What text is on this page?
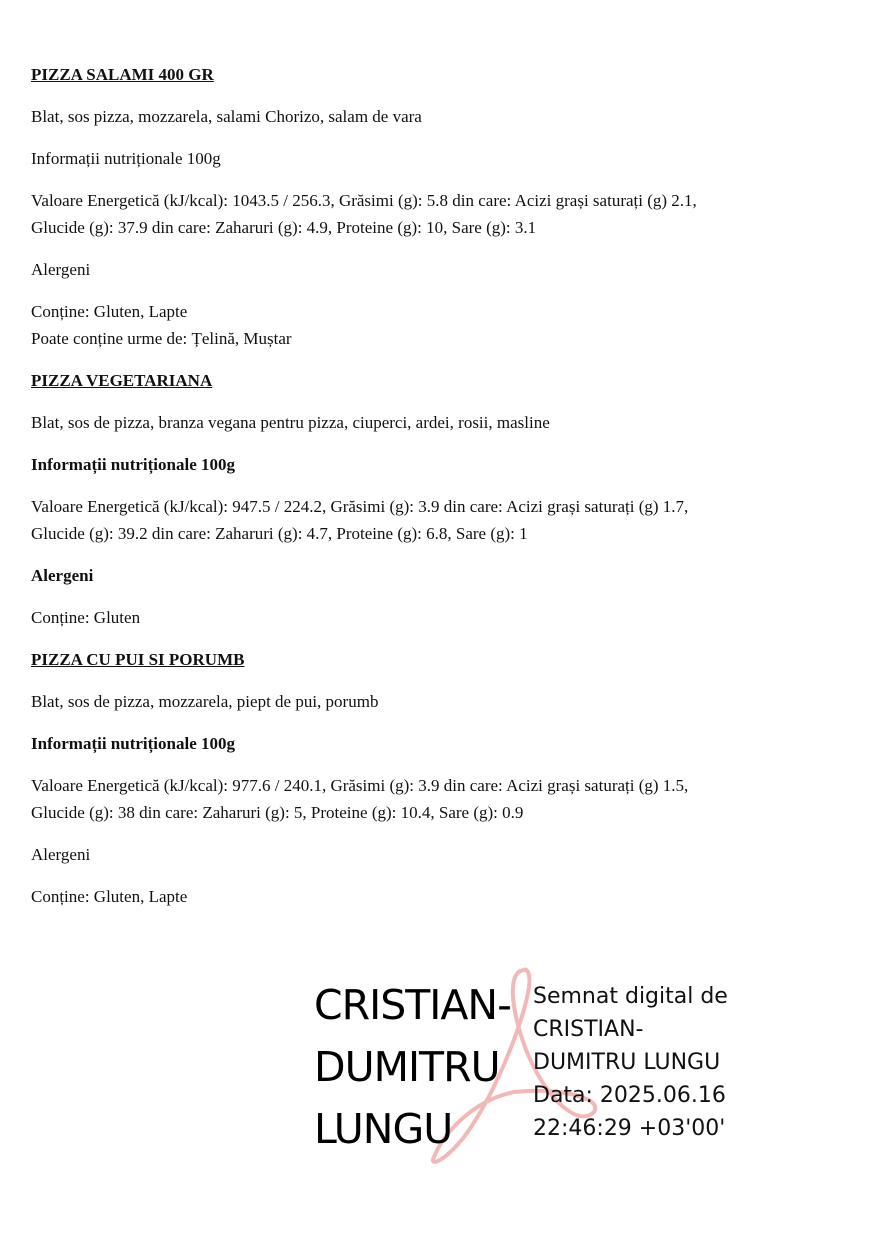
PIZZA SALAMI 400 GR

Blat, sos pizza, mozzarela, salami Chorizo, salam de vara

Informații nutriționale 100g

Valoare Energetică (kJ/kcal): 1043.5 / 256.3, Grăsimi (g): 5.8 din care: Acizi grași saturați (g) 2.1,
Glucide (g): 37.9 din care: Zaharuri (g): 4.9, Proteine (g): 10, Sare (g): 3.1

Alergeni

Conține: Gluten, Lapte
Poate conține urme de: Țelină, Muștar

PIZZA VEGETARIANA

Blat, sos de pizza, branza vegana pentru pizza, ciuperci, ardei, rosii, masline

Informații nutriționale 100g

Valoare Energetică (kJ/kcal): 947.5 / 224.2, Grăsimi (g): 3.9 din care: Acizi grași saturați (g) 1.7,
Glucide (g): 39.2 din care: Zaharuri (g): 4.7, Proteine (g): 6.8, Sare (g): 1

Alergeni

Conține: Gluten

PIZZA CU PUI SI PORUMB

Blat, sos de pizza, mozzarela, piept de pui, porumb

Informații nutriționale 100g

Valoare Energetică (kJ/kcal): 977.6 / 240.1, Grăsimi (g): 3.9 din care: Acizi grași saturați (g) 1.5,
Glucide (g): 38 din care: Zaharuri (g): 5, Proteine (g): 10.4, Sare (g): 0.9

Alergeni

Conține: Gluten, Lapte

CRISTIAN-
DUMITRU
LUNGU
Semnat digital de
CRISTIAN-
DUMITRU LUNGU
Data: 2025.06.16
22:46:29 +03'00'
